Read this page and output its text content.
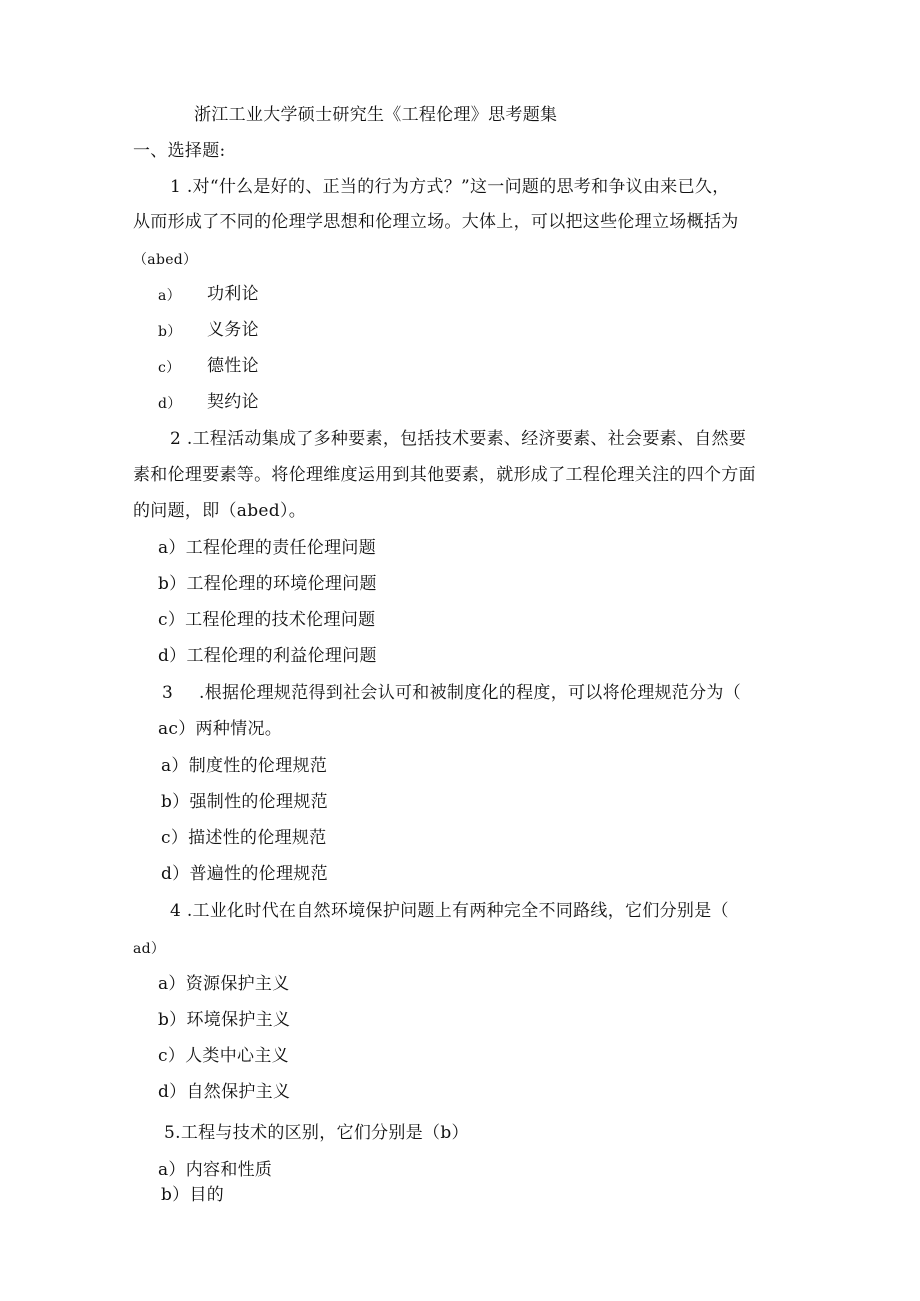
浙江工业大学硕士研究生《工程伦理》思考题集
一、选择题:
1 .对“什么是好的、正当的行为方式？”这一问题的思考和争议由来已久，
从而形成了不同的伦理学思想和伦理立场。大体上，可以把这些伦理立场概括为
（abed）
a） 功利论
b） 义务论
c） 德性论
d） 契约论
2 .工程活动集成了多种要素，包括技术要素、经济要素、社会要素、自然要
素和伦理要素等。将伦理维度运用到其他要素，就形成了工程伦理关注的四个方面
的问题，即（abed）。
a）工程伦理的责任伦理问题
b）工程伦理的环境伦理问题
c）工程伦理的技术伦理问题
d）工程伦理的利益伦理问题
3 .根据伦理规范得到社会认可和被制度化的程度，可以将伦理规范分为（
ac）两种情况。
a）制度性的伦理规范
b）强制性的伦理规范
c）描述性的伦理规范
d）普遍性的伦理规范
4 .工业化时代在自然环境保护问题上有两种完全不同路线，它们分别是（
ad）
a）资源保护主义
b）环境保护主义
c）人类中心主义
d）自然保护主义
5.工程与技术的区别，它们分别是（b）
a）内容和性质
b）目的
